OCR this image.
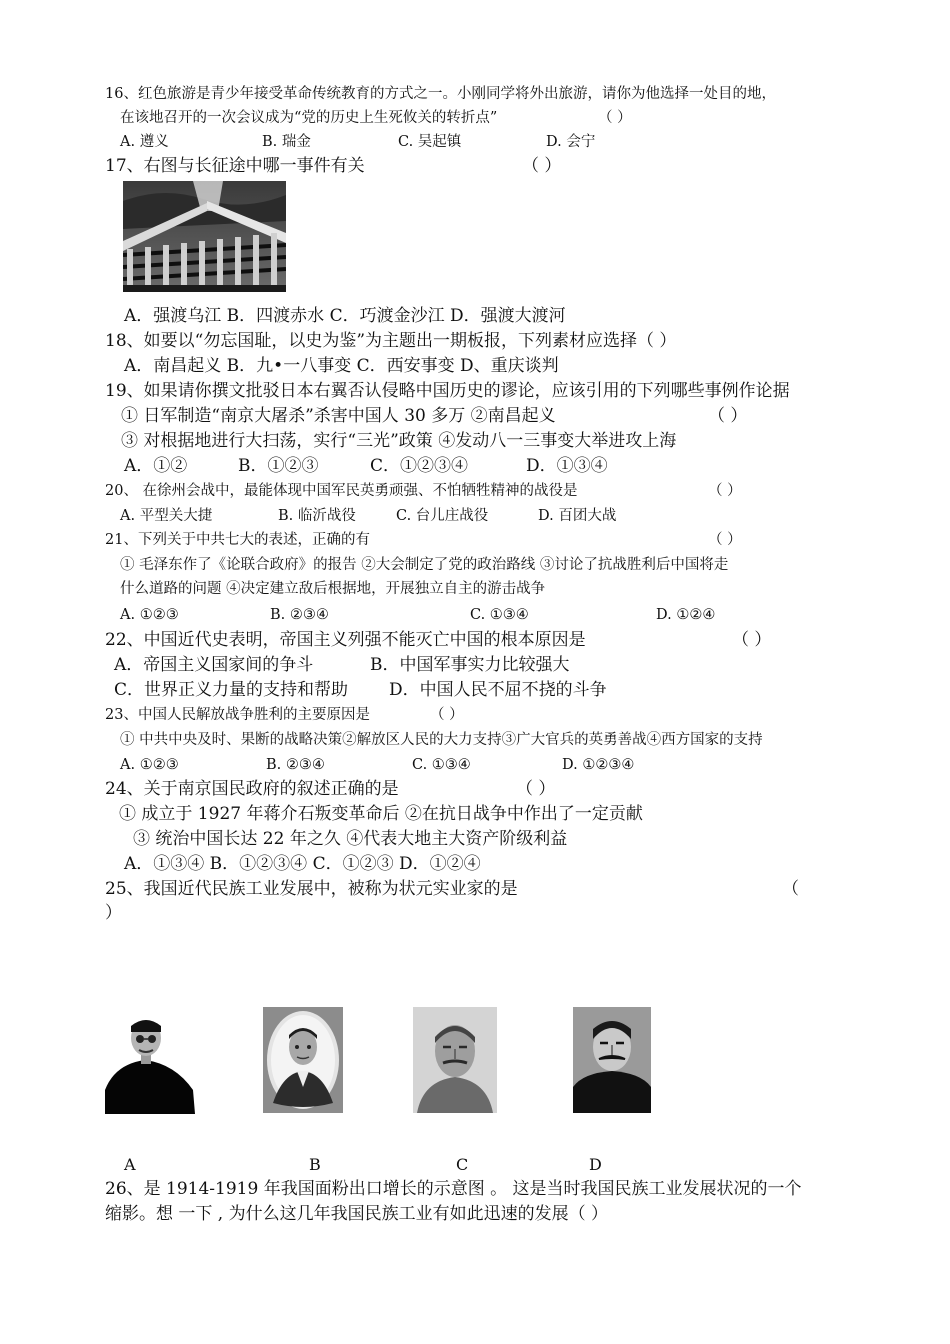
16、红色旅游是青少年接受革命传统教育的方式之一。小刚同学将外出旅游，请你为他选择一处目的地，
在该地召开的一次会议成为“党的历史上生死攸关的转折点”	（ ）
A. 遵义	B. 瑞金	C. 吴起镇	D. 会宁
17、右图与长征途中哪一事件有关	（ ）
A．强渡乌江 B．四渡赤水 C．巧渡金沙江 D．强渡大渡河
18、如要以“勿忘国耻，以史为鉴”为主题出一期板报，下列素材应选择（ ）
A．南昌起义 B．九•一八事变 C．西安事变 D、重庆谈判
19、如果请你撰文批驳日本右翼否认侵略中国历史的谬论，应该引用的下列哪些事例作论据
① 日军制造“南京大屠杀”杀害中国人 30 多万 ②南昌起义	（ ）
③ 对根据地进行大扫荡，实行“三光”政策 ④发动八一三事变大举进攻上海
A．①②	B．①②③	C．①②③④	D．①③④
20、 在徐州会战中，最能体现中国军民英勇顽强、不怕牺牲精神的战役是	（ ）
A. 平型关大捷	B. 临沂战役	C. 台儿庄战役	D. 百团大战
21、下列关于中共七大的表述，正确的有	（ ）
① 毛泽东作了《论联合政府》的报告 ②大会制定了党的政治路线 ③讨论了抗战胜利后中国将走
什么道路的问题 ④决定建立敌后根据地，开展独立自主的游击战争
A. ①②③	B. ②③④	C. ①③④	D. ①②④
22、中国近代史表明，帝国主义列强不能灭亡中国的根本原因是	（ ）
A．帝国主义国家间的争斗	B．中国军事实力比较强大
C．世界正义力量的支持和帮助 D．中国人民不屈不挠的斗争
23、中国人民解放战争胜利的主要原因是	（ ）
① 中共中央及时、果断的战略决策②解放区人民的大力支持③广大官兵的英勇善战④西方国家的支持
A. ①②③	B. ②③④	C. ①③④	D. ①②③④
24、关于南京国民政府的叙述正确的是	（ ）
① 成立于 1927 年蒋介石叛变革命后 ②在抗日战争中作出了一定贡献
③ 统治中国长达 22 年之久 ④代表大地主大资产阶级利益
A．①③④ B．①②③④ C．①②③ D．①②④
25、我国近代民族工业发展中，被称为状元实业家的是	（
）
A	B	C	D
26、是 1914-1919 年我国面粉出口增长的示意图 。 这是当时我国民族工业发展状况的一个
缩影。想 一下 , 为什么这几年我国民族工业有如此迅速的发展（ ）
